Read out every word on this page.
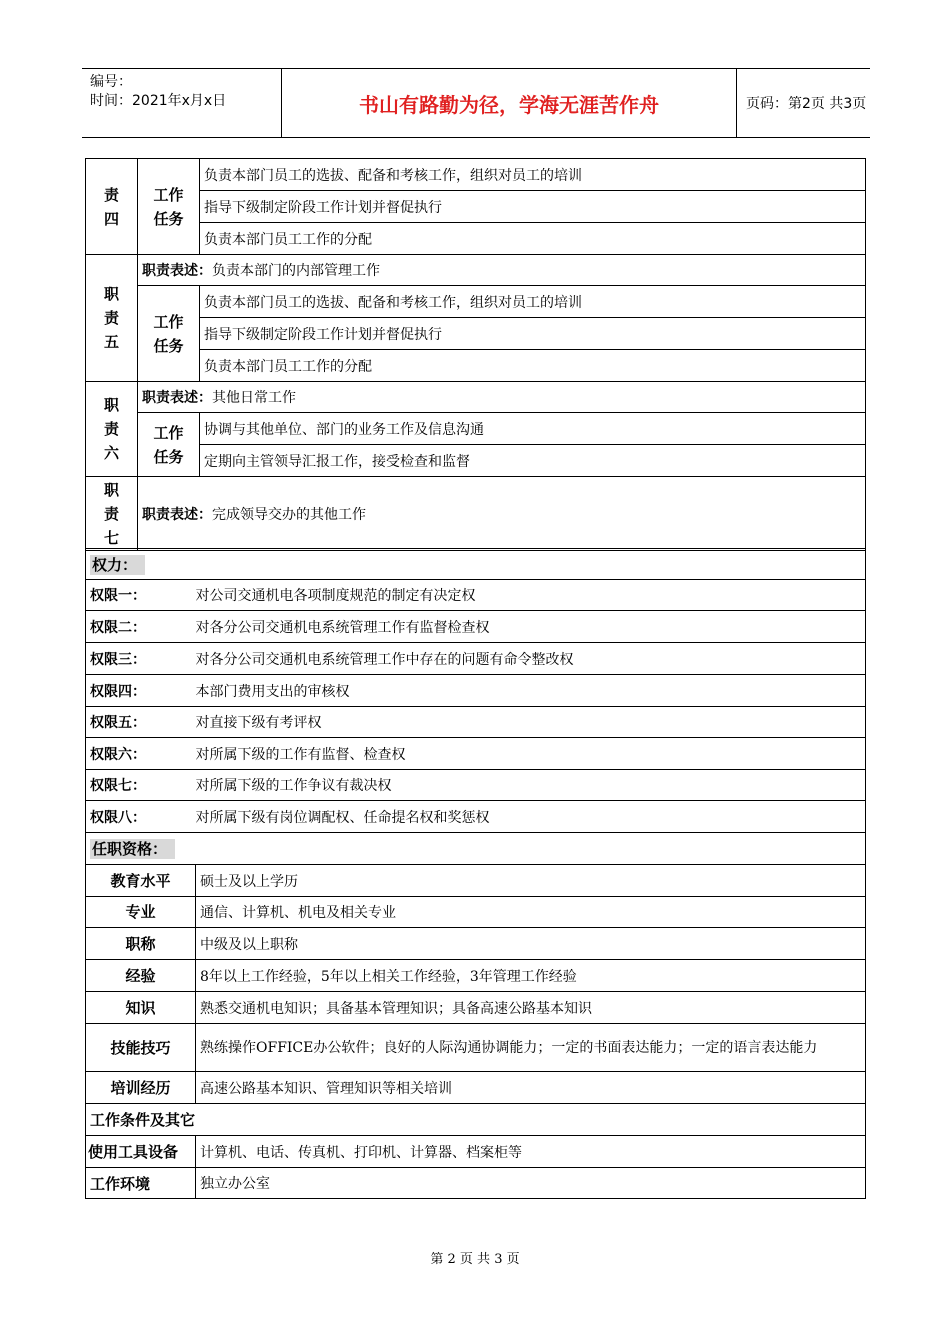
编号：
时间：2021年x月x日	书山有路勤为径，学海无涯苦作舟	页码：第2页 共3页
责四	工作任务	负责本部门员工的选拔、配备和考核工作，组织对员工的培训
		指导下级制定阶段工作计划并督促执行
		负责本部门员工工作的分配

职责五	职责表述：负责本部门的内部管理工作	

	工作任务	负责本部门员工的选拔、配备和考核工作，组织对员工的培训
		指导下级制定阶段工作计划并督促执行
		负责本部门员工工作的分配

职责六	职责表述：其他日常工作	

	工作任务	协调与其他单位、部门的业务工作及信息沟通
		定期向主管领导汇报工作，接受检查和监督

职责七	职责表述：完成领导交办的其他工作	
权力：	
权限一：	对公司交通机电各项制度规范的制定有决定权
权限二：	对各分公司交通机电系统管理工作有监督检查权
权限三：	对各分公司交通机电系统管理工作中存在的问题有命令整改权
权限四：	本部门费用支出的审核权
权限五：	对直接下级有考评权
权限六：	对所属下级的工作有监督、检查权
权限七：	对所属下级的工作争议有裁决权
权限八：	对所属下级有岗位调配权、任命提名权和奖惩权
任职资格：	
教育水平	硕士及以上学历
专业	通信、计算机、机电及相关专业
职称	中级及以上职称
经验	8年以上工作经验，5年以上相关工作经验，3年管理工作经验
知识	熟悉交通机电知识；具备基本管理知识；具备高速公路基本知识
技能技巧	熟练操作OFFICE办公软件；良好的人际沟通协调能力；一定的书面表达能力；一定的语言表达能力
培训经历	高速公路基本知识、管理知识等相关培训
工作条件及其它	
使用工具设备	计算机、电话、传真机、打印机、计算器、档案柜等
工作环境	独立办公室
第 2 页 共 3 页
